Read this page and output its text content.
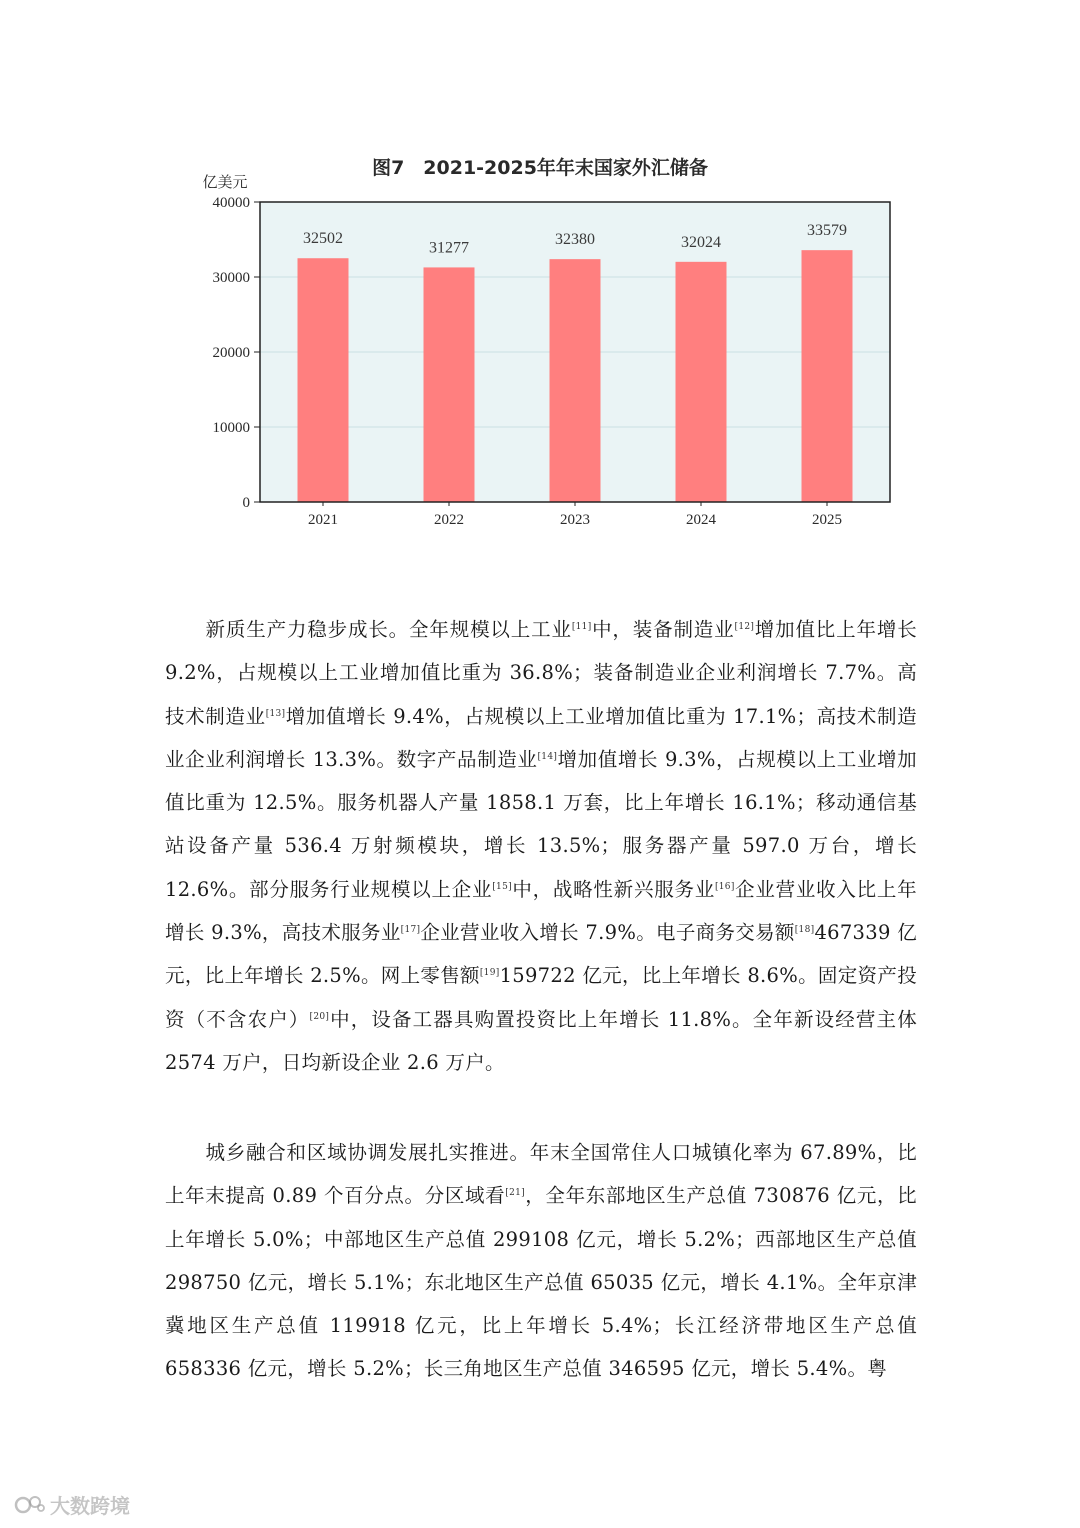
图7　2021-2025年年末国家外汇储备
亿美元
0
10000
20000
30000
40000
32502
2021
31277
2022
32380
2023
32024
2024
33579
2025

新质生产力稳步成长。全年规模以上工业[11]中，装备制造业[12]增加值比上年增长 9.2%，占规模以上工业增加值比重为 36.8%；装备制造业企业利润增长 7.7%。高技术制造业[13]增加值增长 9.4%，占规模以上工业增加值比重为 17.1%；高技术制造业企业利润增长 13.3%。数字产品制造业[14]增加值增长 9.3%，占规模以上工业增加值比重为 12.5%。服务机器人产量 1858.1 万套，比上年增长 16.1%；移动通信基站设备产量 536.4 万射频模块，增长 13.5%；服务器产量 597.0 万台，增长 12.6%。部分服务行业规模以上企业[15]中，战略性新兴服务业[16]企业营业收入比上年增长 9.3%，高技术服务业[17]企业营业收入增长 7.9%。电子商务交易额[18]467339 亿元，比上年增长 2.5%。网上零售额[19]159722 亿元，比上年增长 8.6%。固定资产投资（不含农户）[20]中，设备工器具购置投资比上年增长 11.8%。全年新设经营主体 2574 万户，日均新设企业 2.6 万户。

城乡融合和区域协调发展扎实推进。年末全国常住人口城镇化率为 67.89%，比上年末提高 0.89 个百分点。分区域看[21]，全年东部地区生产总值 730876 亿元，比上年增长 5.0%；中部地区生产总值 299108 亿元，增长 5.2%；西部地区生产总值 298750 亿元，增长 5.1%；东北地区生产总值 65035 亿元，增长 4.1%。全年京津冀地区生产总值 119918 亿元，比上年增长 5.4%；长江经济带地区生产总值 658336 亿元，增长 5.2%；长三角地区生产总值 346595 亿元，增长 5.4%。粤

大数跨境
